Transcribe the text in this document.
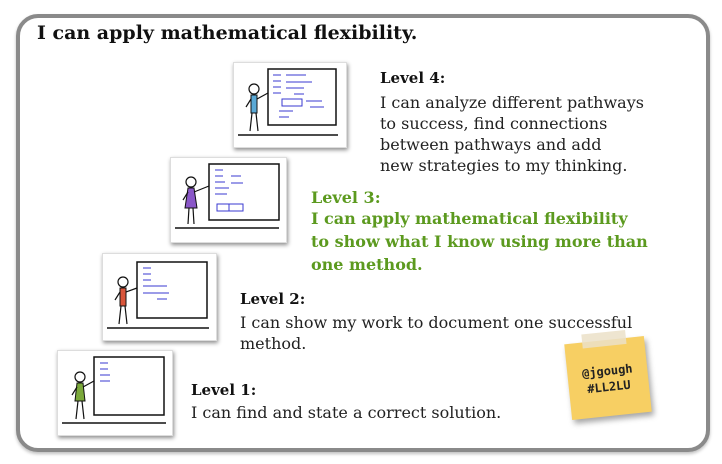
I can apply mathematical flexibility.
Level 4:
I can analyze different pathways
to success, find connections
between pathways and add
new strategies to my thinking.
Level 3:
I can apply mathematical flexibility
to show what I know using more than
one method.
Level 2:
I can show my work to document one successful
method.
Level 1:
I can find and state a correct solution.
@jgough
#LL2LU
